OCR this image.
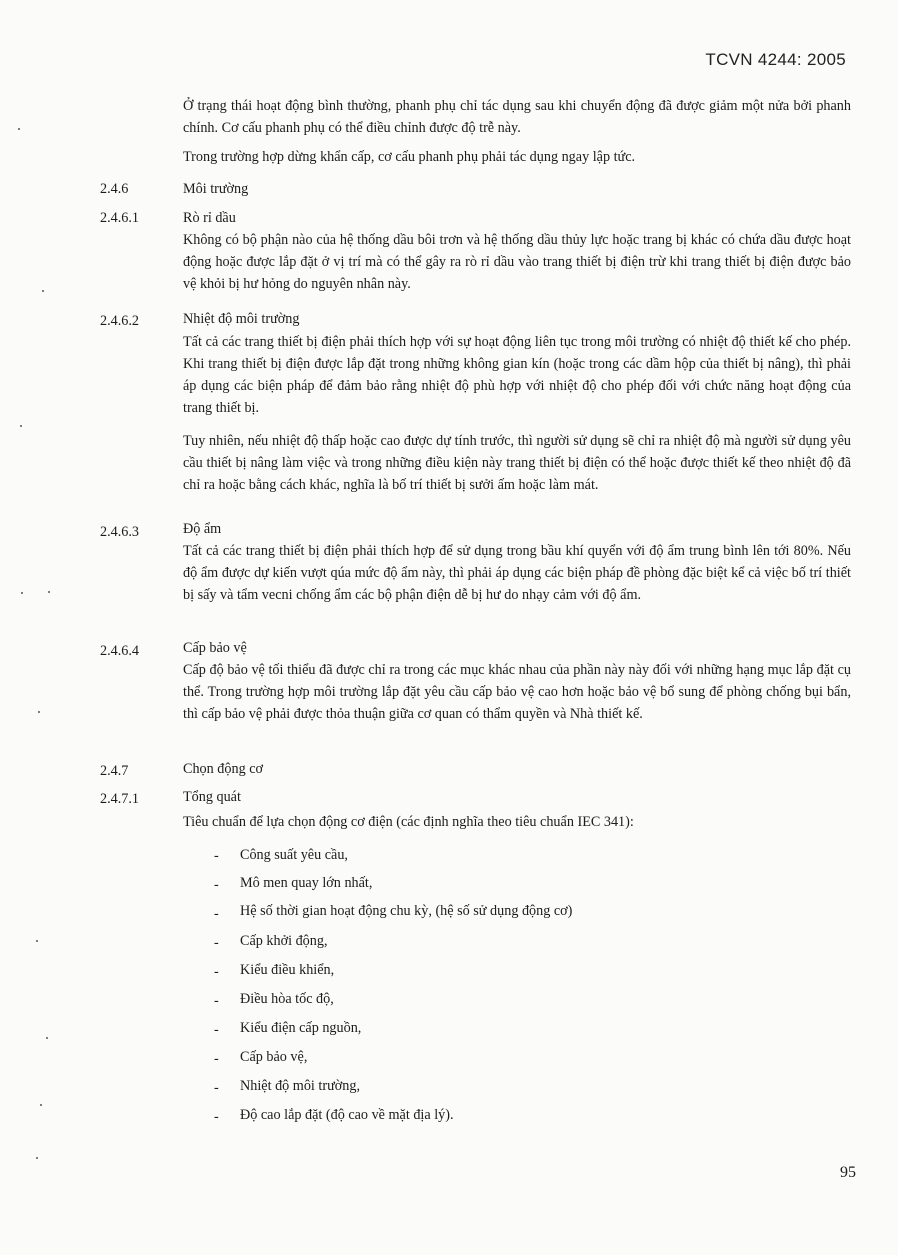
TCVN 4244: 2005
Ở trạng thái hoạt động bình thường, phanh phụ chỉ tác dụng sau khi chuyển động đã được giảm một nửa bởi phanh chính. Cơ cấu phanh phụ có thể điều chỉnh được độ trễ này.
Trong trường hợp dừng khẩn cấp, cơ cấu phanh phụ phải tác dụng ngay lập tức.
2.4.6	Môi trường
2.4.6.1	Rò rỉ dầu
Không có bộ phận nào của hệ thống dầu bôi trơn và hệ thống dầu thủy lực hoặc trang bị khác có chứa dầu được hoạt động hoặc được lắp đặt ở vị trí mà có thể gây ra rò rỉ dầu vào trang thiết bị điện trừ khi trang thiết bị điện được bảo vệ khỏi bị hư hỏng do nguyên nhân này.
2.4.6.2	Nhiệt độ môi trường
Tất cả các trang thiết bị điện phải thích hợp với sự hoạt động liên tục trong môi trường có nhiệt độ thiết kế cho phép. Khi trang thiết bị điện được lắp đặt trong những không gian kín (hoặc trong các dầm hộp của thiết bị nâng), thì phải áp dụng các biện pháp để đảm bảo rằng nhiệt độ phù hợp với nhiệt độ cho phép đối với chức năng hoạt động của trang thiết bị.
Tuy nhiên, nếu nhiệt độ thấp hoặc cao được dự tính trước, thì người sử dụng sẽ chỉ ra nhiệt độ mà người sử dụng yêu cầu thiết bị nâng làm việc và trong những điều kiện này trang thiết bị điện có thể hoặc được thiết kế theo nhiệt độ đã chỉ ra hoặc bằng cách khác, nghĩa là bố trí thiết bị sưởi ấm hoặc làm mát.
2.4.6.3	Độ ẩm
Tất cả các trang thiết bị điện phải thích hợp để sử dụng trong bầu khí quyển với độ ẩm trung bình lên tới 80%. Nếu độ ẩm được dự kiến vượt qúa mức độ ẩm này, thì phải áp dụng các biện pháp đề phòng đặc biệt kể cả việc bố trí thiết bị sấy và tẩm vecni chống ẩm các bộ phận điện dễ bị hư do nhạy cảm với độ ẩm.
2.4.6.4	Cấp bảo vệ
Cấp độ bảo vệ tối thiểu đã được chỉ ra trong các mục khác nhau của phần này này đối với những hạng mục lắp đặt cụ thể. Trong trường hợp môi trường lắp đặt yêu cầu cấp bảo vệ cao hơn hoặc bảo vệ bổ sung để phòng chống bụi bẩn, thì cấp bảo vệ phải được thỏa thuận giữa cơ quan có thẩm quyền và Nhà thiết kế.
2.4.7	Chọn động cơ
2.4.7.1	Tổng quát
Tiêu chuẩn để lựa chọn động cơ điện (các định nghĩa theo tiêu chuẩn IEC 341):
- Công suất yêu cầu,
- Mô men quay lớn nhất,
- Hệ số thời gian hoạt động chu kỳ, (hệ số sử dụng động cơ)
- Cấp khởi động,
- Kiểu điều khiển,
- Điều hòa tốc độ,
- Kiểu điện cấp nguồn,
- Cấp bảo vệ,
- Nhiệt độ môi trường,
- Độ cao lắp đặt (độ cao về mặt địa lý).
95
